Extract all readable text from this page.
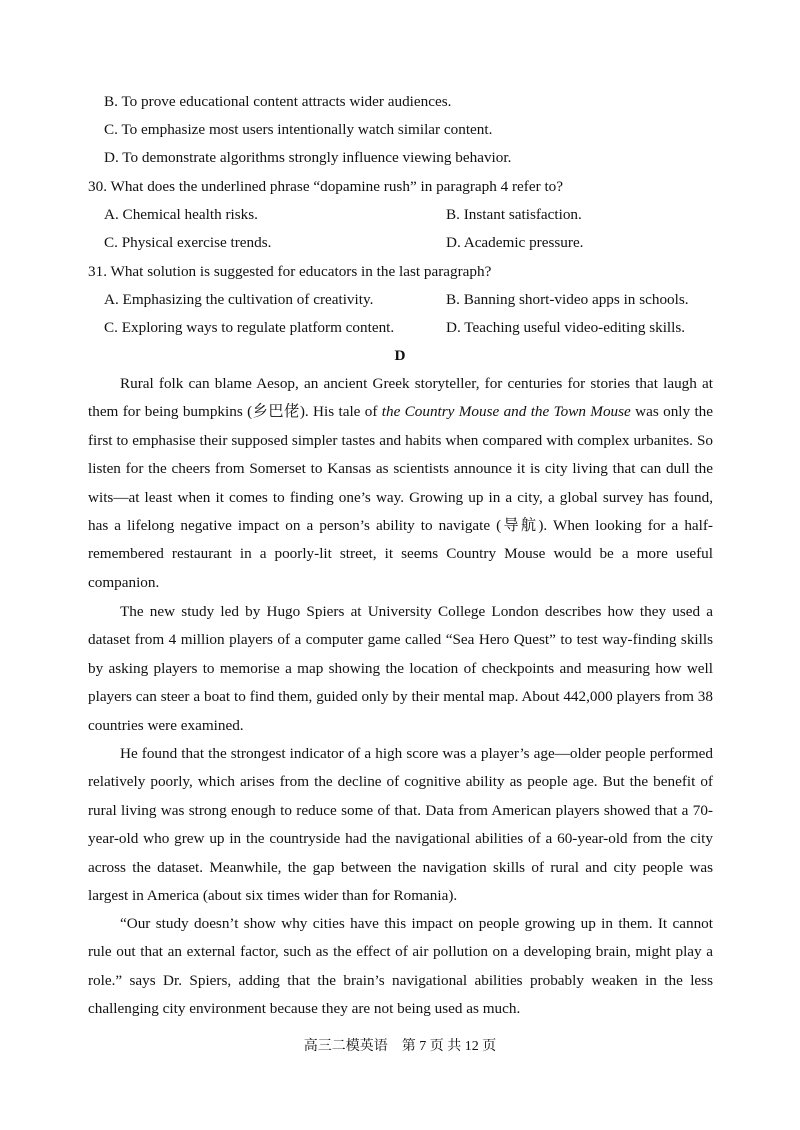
B. To prove educational content attracts wider audiences.
C. To emphasize most users intentionally watch similar content.
D. To demonstrate algorithms strongly influence viewing behavior.
30. What does the underlined phrase “dopamine rush” in paragraph 4 refer to?
A. Chemical health risks.	B. Instant satisfaction.
C. Physical exercise trends.	D. Academic pressure.
31. What solution is suggested for educators in the last paragraph?
A. Emphasizing the cultivation of creativity.	B. Banning short-video apps in schools.
C. Exploring ways to regulate platform content.	D. Teaching useful video-editing skills.
D

Rural folk can blame Aesop, an ancient Greek storyteller, for centuries for stories that laugh at them for being bumpkins (乡巴佬). His tale of the Country Mouse and the Town Mouse was only the first to emphasise their supposed simpler tastes and habits when compared with complex urbanites. So listen for the cheers from Somerset to Kansas as scientists announce it is city living that can dull the wits—at least when it comes to finding one’s way. Growing up in a city, a global survey has found, has a lifelong negative impact on a person’s ability to navigate (导航). When looking for a half-remembered restaurant in a poorly-lit street, it seems Country Mouse would be a more useful companion.

The new study led by Hugo Spiers at University College London describes how they used a dataset from 4 million players of a computer game called “Sea Hero Quest” to test way-finding skills by asking players to memorise a map showing the location of checkpoints and measuring how well players can steer a boat to find them, guided only by their mental map. About 442,000 players from 38 countries were examined.

He found that the strongest indicator of a high score was a player’s age—older people performed relatively poorly, which arises from the decline of cognitive ability as people age. But the benefit of rural living was strong enough to reduce some of that. Data from American players showed that a 70-year-old who grew up in the countryside had the navigational abilities of a 60-year-old from the city across the dataset. Meanwhile, the gap between the navigation skills of rural and city people was largest in America (about six times wider than for Romania).

“Our study doesn’t show why cities have this impact on people growing up in them. It cannot rule out that an external factor, such as the effect of air pollution on a developing brain, might play a role.” says Dr. Spiers, adding that the brain’s navigational abilities probably weaken in the less challenging city environment because they are not being used as much.

高三二模英语　第 7 页 共 12 页
